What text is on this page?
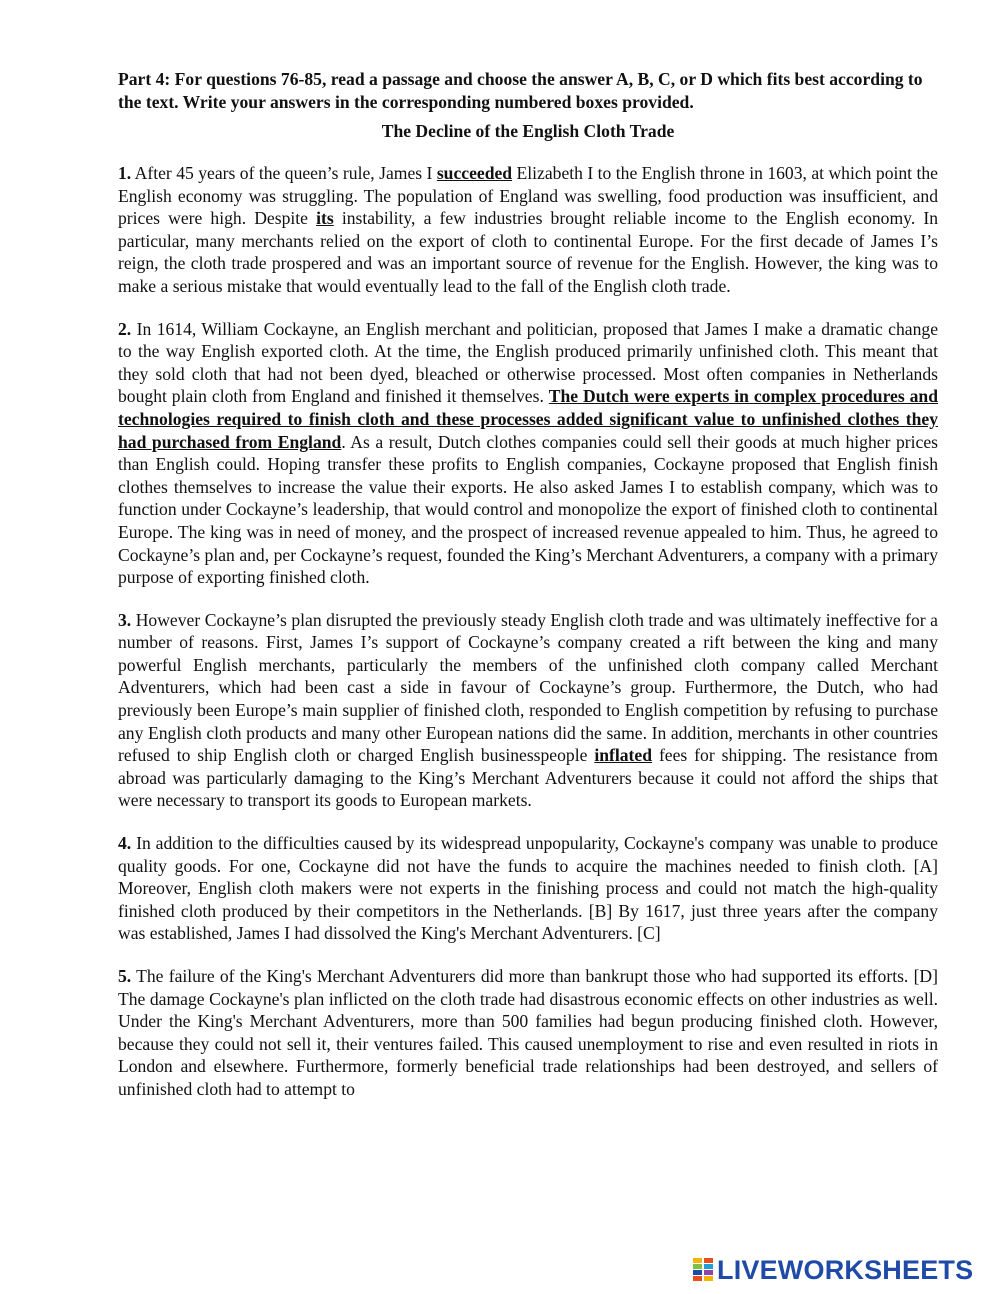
Part 4: For questions 76-85, read a passage and choose the answer A, B, C, or D which fits best according to the text. Write your answers in the corresponding numbered boxes provided.

The Decline of the English Cloth Trade

1. After 45 years of the queen’s rule, James I succeeded Elizabeth I to the English throne in 1603, at which point the English economy was struggling. The population of England was swelling, food production was insufficient, and prices were high. Despite its instability, a few industries brought reliable income to the English economy. In particular, many merchants relied on the export of cloth to continental Europe. For the first decade of James I’s reign, the cloth trade prospered and was an important source of revenue for the English. However, the king was to make a serious mistake that would eventually lead to the fall of the English cloth trade.

2. In 1614, William Cockayne, an English merchant and politician, proposed that James I make a dramatic change to the way English exported cloth. At the time, the English produced primarily unfinished cloth. This meant that they sold cloth that had not been dyed, bleached or otherwise processed. Most often companies in Netherlands bought plain cloth from England and finished it themselves. The Dutch were experts in complex procedures and technologies required to finish cloth and these processes added significant value to unfinished clothes they had purchased from England. As a result, Dutch clothes companies could sell their goods at much higher prices than English could. Hoping transfer these profits to English companies, Cockayne proposed that English finish clothes themselves to increase the value their exports. He also asked James I to establish company, which was to function under Cockayne’s leadership, that would control and monopolize the export of finished cloth to continental Europe. The king was in need of money, and the prospect of increased revenue appealed to him. Thus, he agreed to Cockayne’s plan and, per Cockayne’s request, founded the King’s Merchant Adventurers, a company with a primary purpose of exporting finished cloth.

3. However Cockayne’s plan disrupted the previously steady English cloth trade and was ultimately ineffective for a number of reasons. First, James I’s support of Cockayne’s company created a rift between the king and many powerful English merchants, particularly the members of the unfinished cloth company called Merchant Adventurers, which had been cast a side in favour of Cockayne’s group. Furthermore, the Dutch, who had previously been Europe’s main supplier of finished cloth, responded to English competition by refusing to purchase any English cloth products and many other European nations did the same. In addition, merchants in other countries refused to ship English cloth or charged English businesspeople inflated fees for shipping. The resistance from abroad was particularly damaging to the King’s Merchant Adventurers because it could not afford the ships that were necessary to transport its goods to European markets.

4. In addition to the difficulties caused by its widespread unpopularity, Cockayne's company was unable to produce quality goods. For one, Cockayne did not have the funds to acquire the machines needed to finish cloth. [A] Moreover, English cloth makers were not experts in the finishing process and could not match the high-quality finished cloth produced by their competitors in the Netherlands. [B] By 1617, just three years after the company was established, James I had dissolved the King's Merchant Adventurers. [C]

5. The failure of the King's Merchant Adventurers did more than bankrupt those who had supported its efforts. [D] The damage Cockayne's plan inflicted on the cloth trade had disastrous economic effects on other industries as well. Under the King's Merchant Adventurers, more than 500 families had begun producing finished cloth. However, because they could not sell it, their ventures failed. This caused unemployment to rise and even resulted in riots in London and elsewhere. Furthermore, formerly beneficial trade relationships had been destroyed, and sellers of unfinished cloth had to attempt to

LIVEWORKSHEETS
